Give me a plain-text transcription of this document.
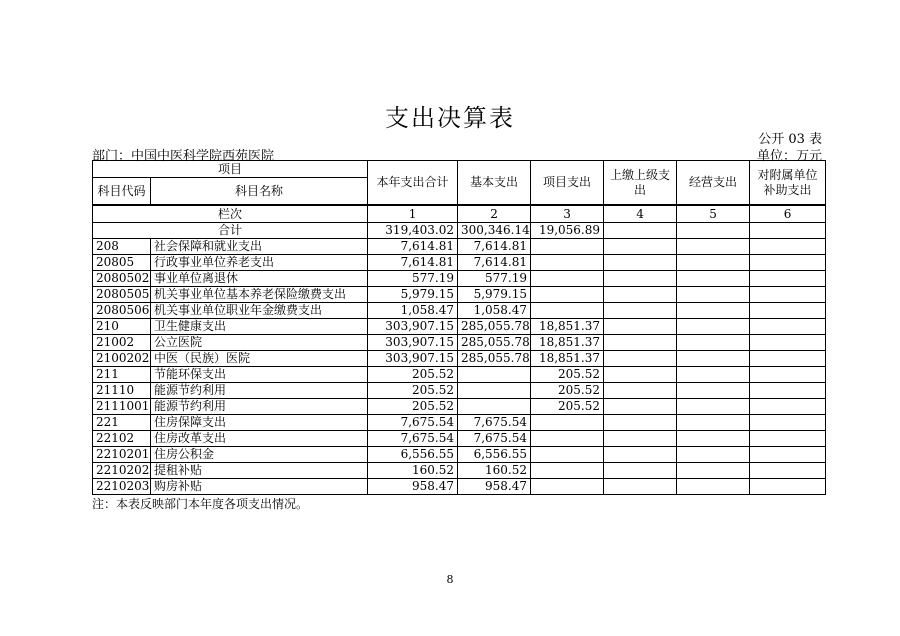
支出决算表
公开 03 表
部门：中国中医科学院西苑医院	单位：万元
项目		本年支出合计	基本支出	项目支出	上缴上级支出	经营支出	对附属单位补助支出
科目代码	科目名称						
栏次		1	2	3	4	5	6
合计		319,403.02	300,346.14	19,056.89			
208	社会保障和就业支出	7,614.81	7,614.81				
20805	行政事业单位养老支出	7,614.81	7,614.81				
2080502	事业单位离退休	577.19	577.19				
2080505	机关事业单位基本养老保险缴费支出	5,979.15	5,979.15				
2080506	机关事业单位职业年金缴费支出	1,058.47	1,058.47				
210	卫生健康支出	303,907.15	285,055.78	18,851.37			
21002	公立医院	303,907.15	285,055.78	18,851.37			
2100202	中医（民族）医院	303,907.15	285,055.78	18,851.37			
211	节能环保支出	205.52		205.52			
21110	能源节约利用	205.52		205.52			
2111001	能源节约利用	205.52		205.52			
221	住房保障支出	7,675.54	7,675.54				
22102	住房改革支出	7,675.54	7,675.54				
2210201	住房公积金	6,556.55	6,556.55				
2210202	提租补贴	160.52	160.52				
2210203	购房补贴	958.47	958.47				
注：本表反映部门本年度各项支出情况。
8
